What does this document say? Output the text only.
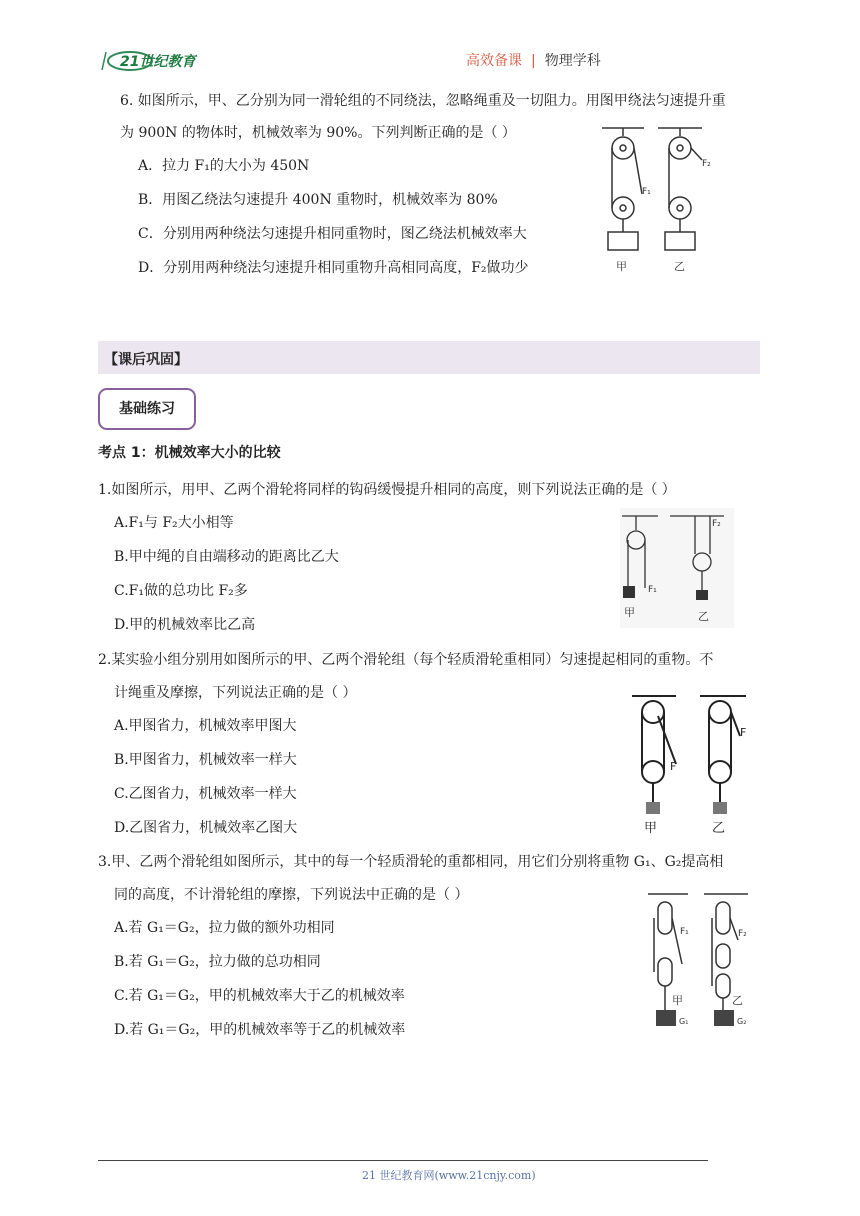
21世纪教育	高效备课 | 物理学科
6. 如图所示，甲、乙分别为同一滑轮组的不同绕法，忽略绳重及一切阻力。用图甲绕法匀速提升重
为 900N 的物体时，机械效率为 90%。下列判断正确的是（ ）
A．拉力 F₁的大小为 450N
B．用图乙绕法匀速提升 400N 重物时，机械效率为 80%
C．分别用两种绕法匀速提升相同重物时，图乙绕法机械效率大
D．分别用两种绕法匀速提升相同重物升高相同高度，F₂做功少
F₁
F₂
甲	乙
【课后巩固】
基础练习
考点 1：机械效率大小的比较
1.如图所示，用甲、乙两个滑轮将同样的钩码缓慢提升相同的高度，则下列说法正确的是（ ）
A.F₁与 F₂大小相等
B.甲中绳的自由端移动的距离比乙大
C.F₁做的总功比 F₂多
D.甲的机械效率比乙高
F₁
F₂
甲	乙
2.某实验小组分别用如图所示的甲、乙两个滑轮组（每个轻质滑轮重相同）匀速提起相同的重物。不
计绳重及摩擦，下列说法正确的是（ ）
A.甲图省力，机械效率甲图大
B.甲图省力，机械效率一样大
C.乙图省力，机械效率一样大
D.乙图省力，机械效率乙图大
F
F
甲	乙
3.甲、乙两个滑轮组如图所示，其中的每一个轻质滑轮的重都相同，用它们分别将重物 G₁、G₂提高相
同的高度，不计滑轮组的摩擦，下列说法中正确的是（ ）
A.若 G₁＝G₂，拉力做的额外功相同
B.若 G₁＝G₂，拉力做的总功相同
C.若 G₁＝G₂，甲的机械效率大于乙的机械效率
D.若 G₁＝G₂，甲的机械效率等于乙的机械效率
F₁	F₂
甲	乙
G₁	G₂
21 世纪教育网(www.21cnjy.com)
